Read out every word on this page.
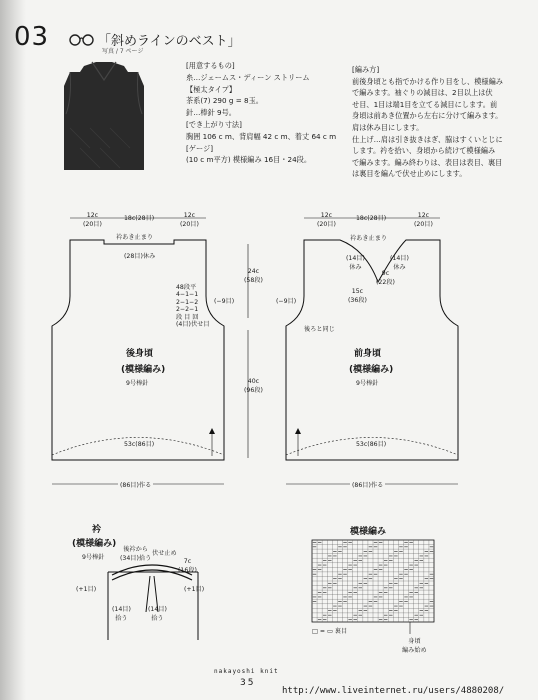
03	「斜めラインのベスト」
写真 / 7 ページ
[用意するもの]
糸…ジェームス・ディーン ストリーム
【極太タイプ】
茶系(7) 290 g = 8玉。
針…棒針 9号。
[でき上がり寸法]
胸囲 106 c m、背肩幅 42 c m、着丈 64 c m
[ゲージ]
(10 c m平方) 模様編み 16目・24段。
[編み方]
前後身頃とも指でかける作り目をし、模様編み
で編みます。袖ぐりの減目は、2目以上は伏
せ目、1目は端1目を立てる減目にします。前
身頃は前あき位置から左右に分けて編みます。
肩は休み目にします。
仕上げ…肩は引き抜きはぎ、脇はすくいとじに
します。衿を拾い、身頃から続けて模様編み
で編みます。編み終わりは、表目は表目、裏目
は裏目を編んで伏せ止めにします。
12c
(20目)
18c(28目)	12c
(20目)
衿あき止まり
(28目)休み
24c
(58段)
48段平
4−1−1
2−1−2
2−2−1
段 目 回
(4目)伏せ目
(−9目)
40c
(96段)
後身頃
(模様編み)
9号棒針
53c(86目)
(86目)作る
12c
(20目)
18c(28目)	12c
(20目)
衿あき止まり
(14目)
休み
(14目)
休み
9c
(22段)
15c
(36段)
(−9目)
後ろと同じ
前身頃
(模様編み)
9号棒針
53c(86目)
(86目)作る
衿
(模様編み)
9号棒針
後衿から
(34目)拾う
伏せ止め
7c
(16段)
(+1目)	(+1目)
(14目)
拾う
(14目)
拾う
模様編み
□ = ▭ 裏目
身頃
編み始め
nakayoshi knit
35
http://www.liveinternet.ru/users/4880208/
